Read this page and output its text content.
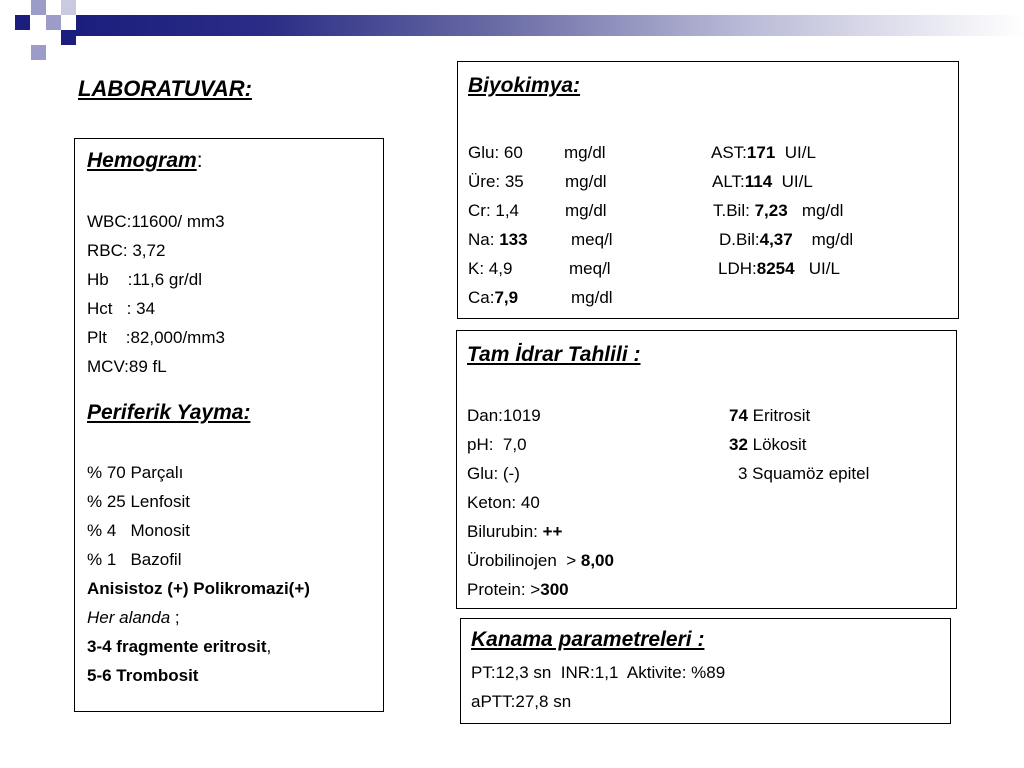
LABORATUVAR:
Hemogram:
WBC:11600/ mm3
RBC: 3,72
Hb    :11,6 gr/dl
Hct   : 34
Plt    :82,000/mm3
MCV:89 fL
Periferik Yayma:
% 70 Parçalı
% 25 Lenfosit
% 4   Monosit
% 1   Bazofil
Anisistoz (+) Polikromazi(+)
Her alanda ;
3-4 fragmente eritrosit,
5-6 Trombosit
Biyokimya:
Glu: 60 mg/dl	AST:171 UI/L
Üre: 35 mg/dl	ALT:114 UI/L
Cr: 1,4	mg/dl	T.Bil: 7,23 mg/dl
Na: 133	meq/l	D.Bil:4,37 mg/dl
K: 4,9	meq/l	LDH:8254 UI/L
Ca:7,9	mg/dl
Tam İdrar Tahlili :
Dan:1019	74 Eritrosit
pH:  7,0	32 Lökosit
Glu: (-)	3 Squamöz epitel
Keton: 40
Bilurubin: ++
Ürobilinojen  > 8,00
Protein: >300
Kanama parametreleri :
PT:12,3 sn  INR:1,1  Aktivite: %89
aPTT:27,8 sn
